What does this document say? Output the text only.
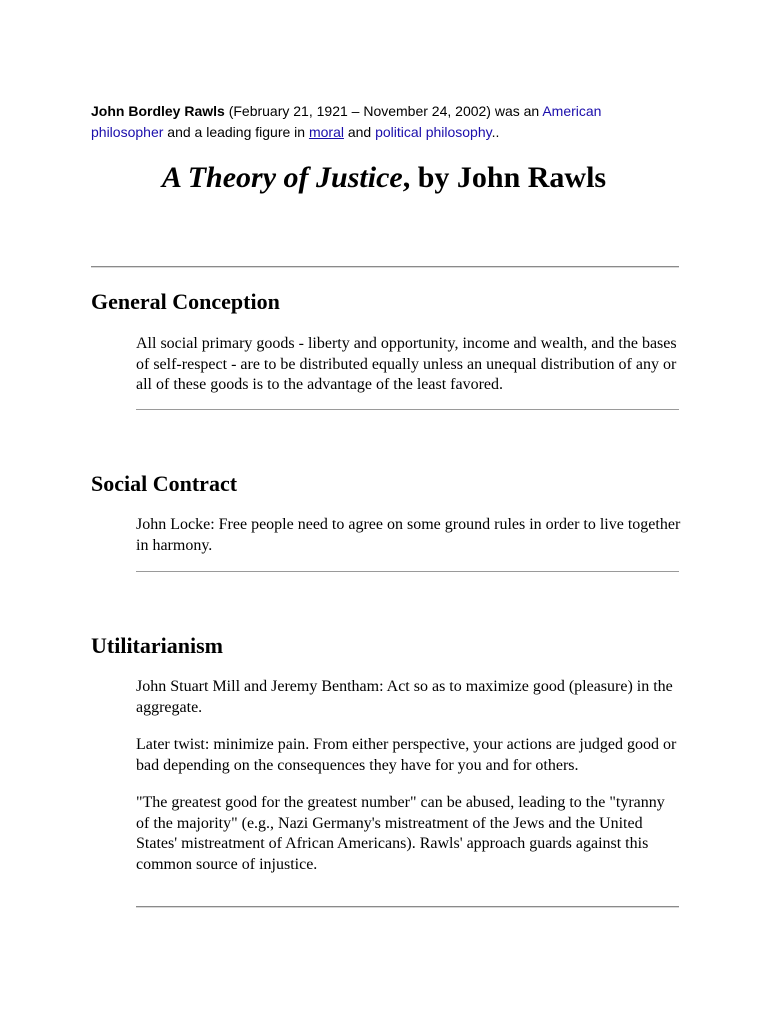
John Bordley Rawls (February 21, 1921 – November 24, 2002) was an American
philosopher and a leading figure in moral and political philosophy..

A Theory of Justice, by John Rawls
General Conception

All social primary goods - liberty and opportunity, income and wealth, and the bases of self-respect - are to be distributed equally unless an unequal distribution of any or all of these goods is to the advantage of the least favored.

Social Contract

John Locke: Free people need to agree on some ground rules in order to live together in harmony.

Utilitarianism

John Stuart Mill and Jeremy Bentham: Act so as to maximize good (pleasure) in the aggregate.

Later twist: minimize pain. From either perspective, your actions are judged good or bad depending on the consequences they have for you and for others.

"The greatest good for the greatest number" can be abused, leading to the "tyranny of the majority" (e.g., Nazi Germany's mistreatment of the Jews and the United States' mistreatment of African Americans). Rawls' approach guards against this common source of injustice.
